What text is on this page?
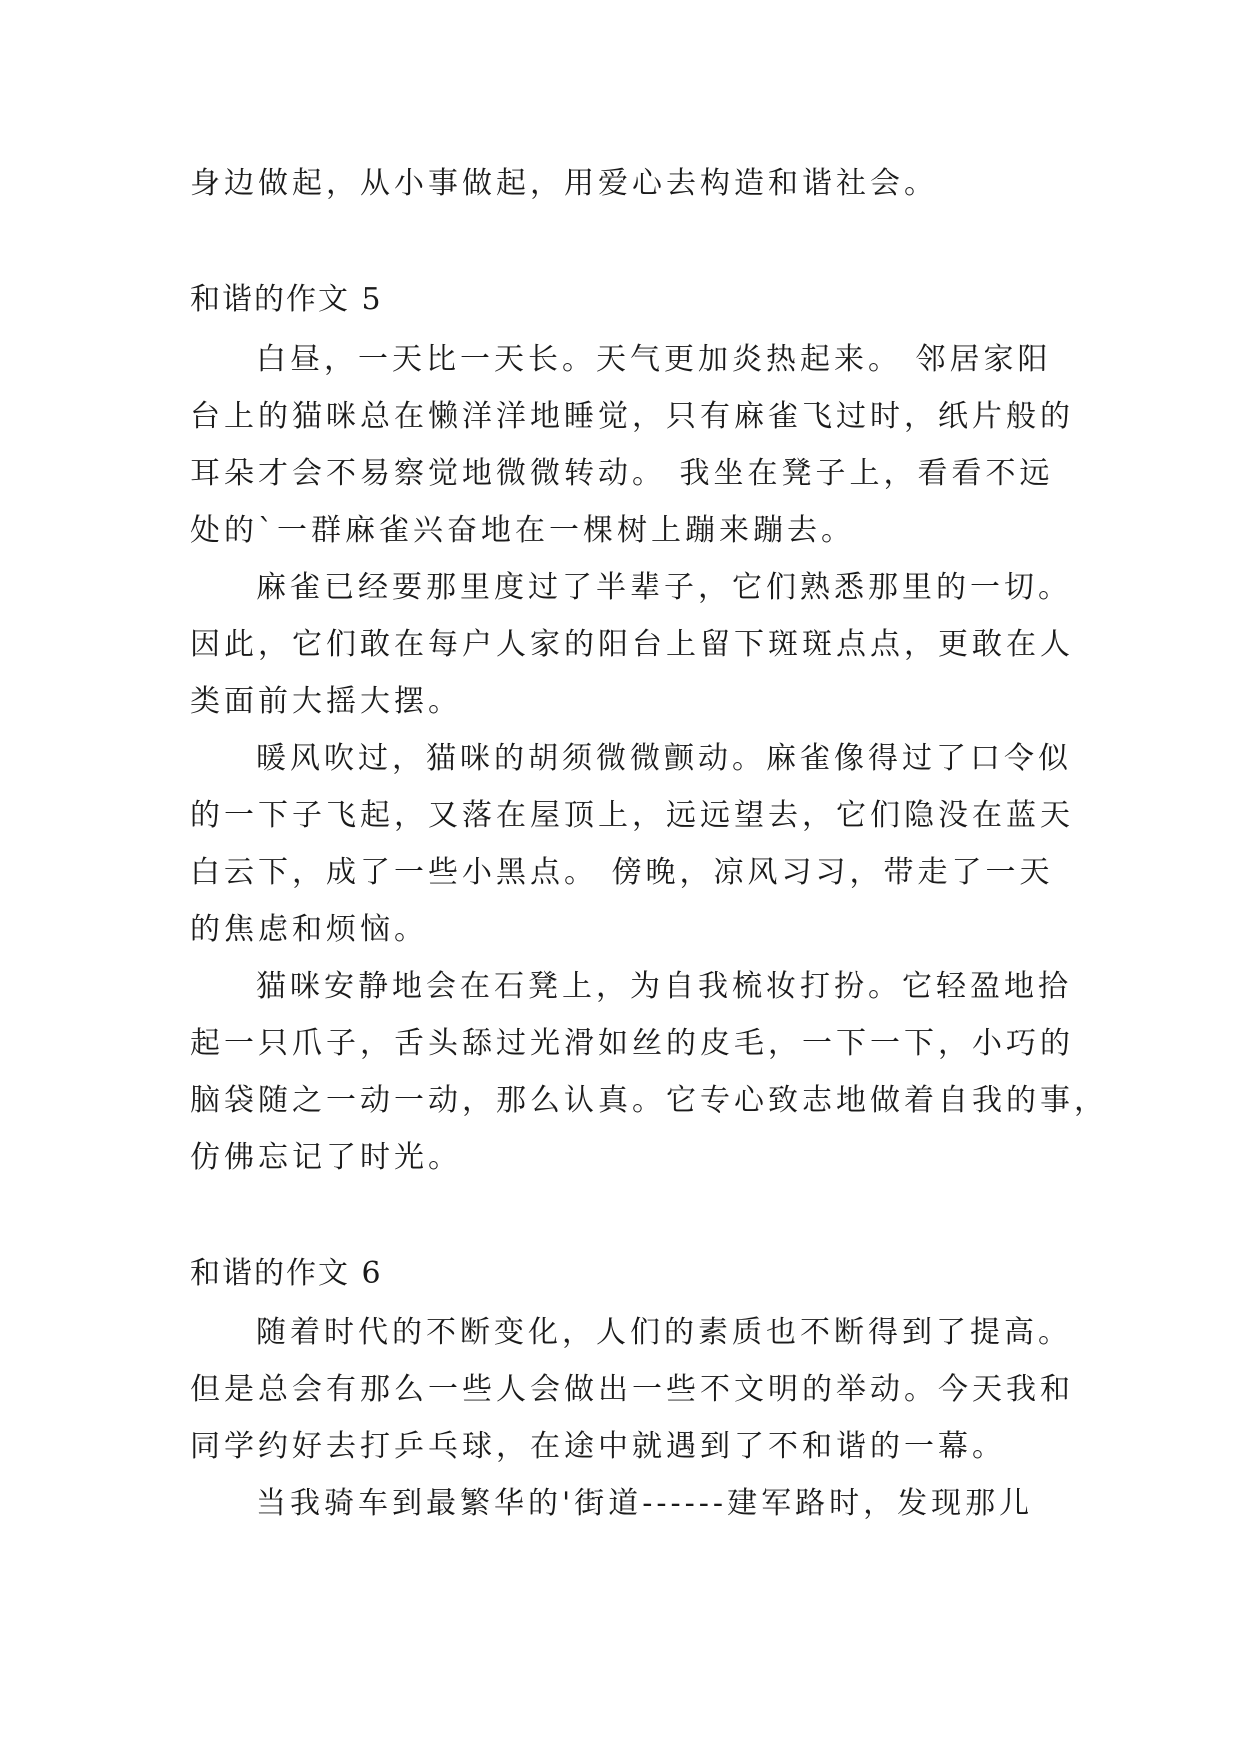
身边做起，从小事做起，用爱心去构造和谐社会。
和谐的作文 5
白昼，一天比一天长。天气更加炎热起来。 邻居家阳
台上的猫咪总在懒洋洋地睡觉，只有麻雀飞过时，纸片般的
耳朵才会不易察觉地微微转动。 我坐在凳子上，看看不远
处的`一群麻雀兴奋地在一棵树上蹦来蹦去。
麻雀已经要那里度过了半辈子，它们熟悉那里的一切。
因此，它们敢在每户人家的阳台上留下斑斑点点，更敢在人
类面前大摇大摆。
暖风吹过，猫咪的胡须微微颤动。麻雀像得过了口令似
的一下子飞起，又落在屋顶上，远远望去，它们隐没在蓝天
白云下，成了一些小黑点。 傍晚，凉风习习，带走了一天
的焦虑和烦恼。
猫咪安静地会在石凳上，为自我梳妆打扮。它轻盈地拾
起一只爪子，舌头舔过光滑如丝的皮毛，一下一下，小巧的
脑袋随之一动一动，那么认真。它专心致志地做着自我的事，
仿佛忘记了时光。
和谐的作文 6
随着时代的不断变化，人们的素质也不断得到了提高。
但是总会有那么一些人会做出一些不文明的举动。今天我和
同学约好去打乒乓球，在途中就遇到了不和谐的一幕。
当我骑车到最繁华的'街道------建军路时，发现那儿
